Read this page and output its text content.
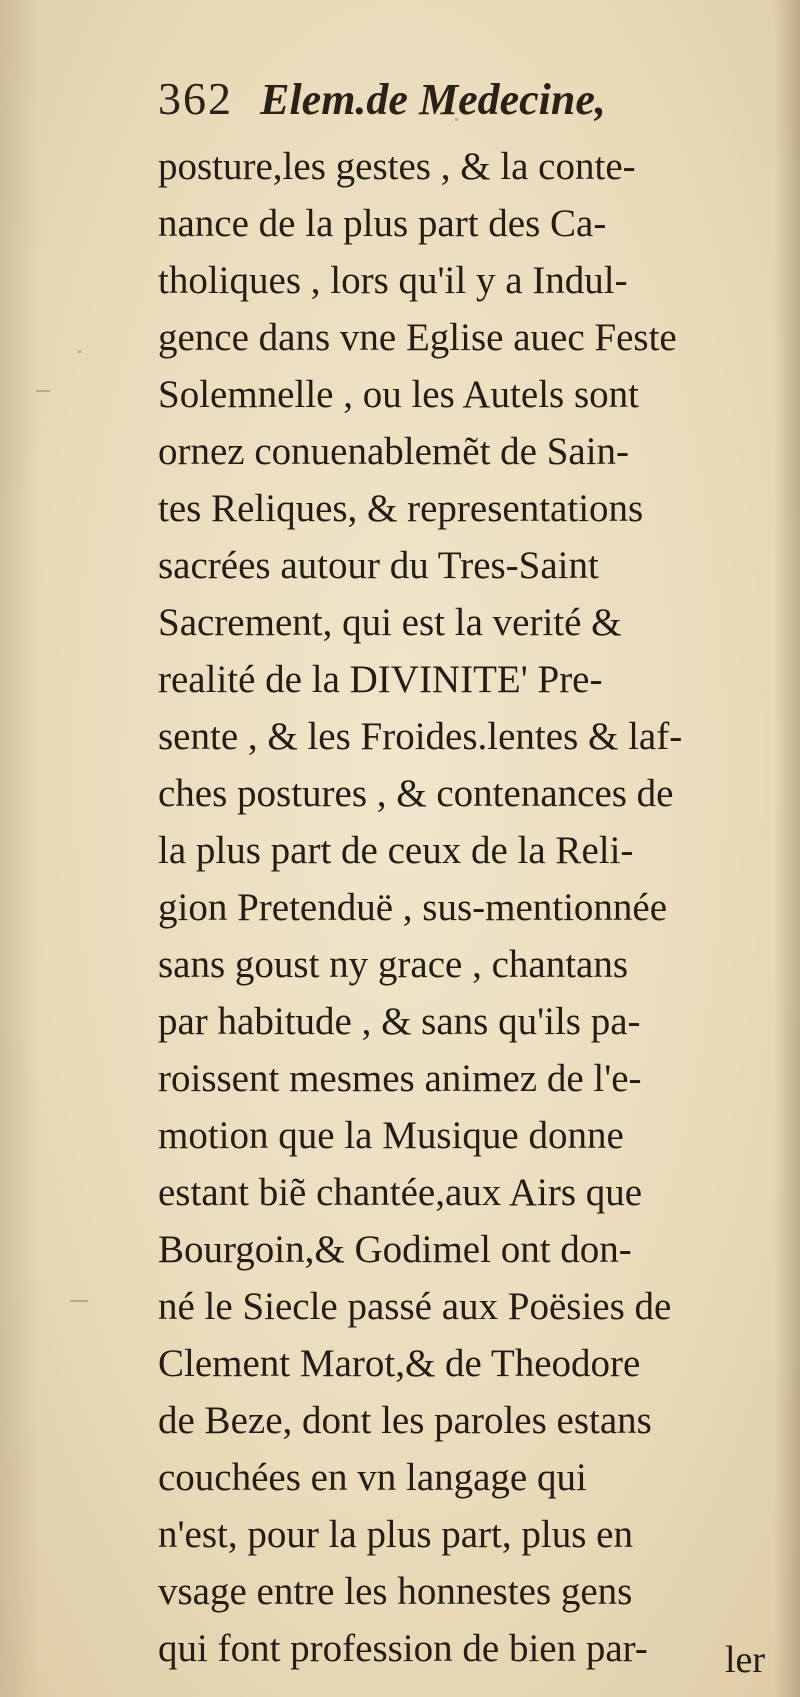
362 Elem.de Medecine,
posture,les gestes , & la conte-
nance de la plus part des Ca-
tholiques , lors qu'il y a Indul-
gence dans vne Eglise auec Feste
Solemnelle , ou les Autels sont
ornez conuenablemẽt de Sain-
tes Reliques, & representations
sacrées autour du Tres-Saint
Sacrement, qui est la verité &
realité de la DIVINITE' Pre-
sente , & les Froides.lentes & laf-
ches postures , & contenances de
la plus part de ceux de la Reli-
gion Pretenduë , sus-mentionnée
sans goust ny grace , chantans
par habitude , & sans qu'ils pa-
roissent mesmes animez de l'e-
motion que la Musique donne
estant biẽ chantée,aux Airs que
Bourgoin,& Godimel ont don-
né le Siecle passé aux Poësies de
Clement Marot,& de Theodore
de Beze, dont les paroles estans
couchées en vn langage qui
n'est, pour la plus part, plus en
vsage entre les honnestes gens
qui font profession de bien par-	ler
